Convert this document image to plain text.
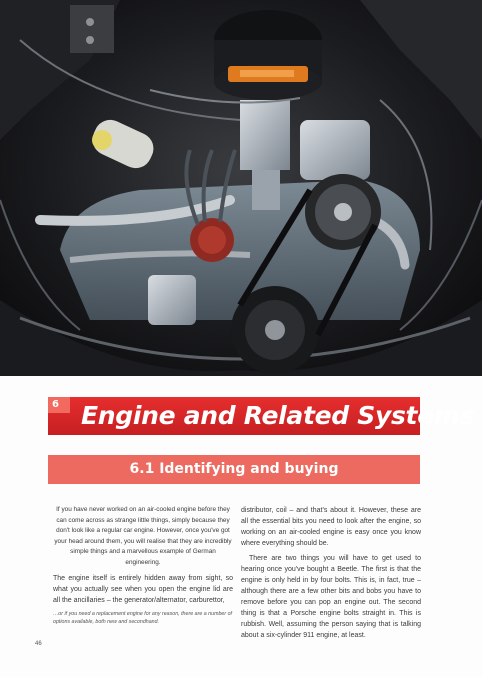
6 Engine and Related Systems
6.1 Identifying and buying

If you have never worked on an air-cooled engine before they can come across as strange little things, simply because they don't look like a regular car engine. However, once you've got your head around them, you will realise that they are incredibly simple things and a marvellous example of German engineering.

The engine itself is entirely hidden away from sight, so what you actually see when you open the engine lid are all the ancillaries – the generator/alternator, carburettor,

…or if you need a replacement engine for any reason, there are a number of options available, both new and secondhand.

distributor, coil – and that's about it. However, these are all the essential bits you need to look after the engine, so working on an air-cooled engine is easy once you know where everything should be.

There are two things you will have to get used to hearing once you've bought a Beetle. The first is that the engine is only held in by four bolts. This is, in fact, true – although there are a few other bits and bobs you have to remove before you can pop an engine out. The second thing is that a Porsche engine bolts straight in. This is rubbish. Well, assuming the person saying that is talking about a six-cylinder 911 engine, at least.

46
